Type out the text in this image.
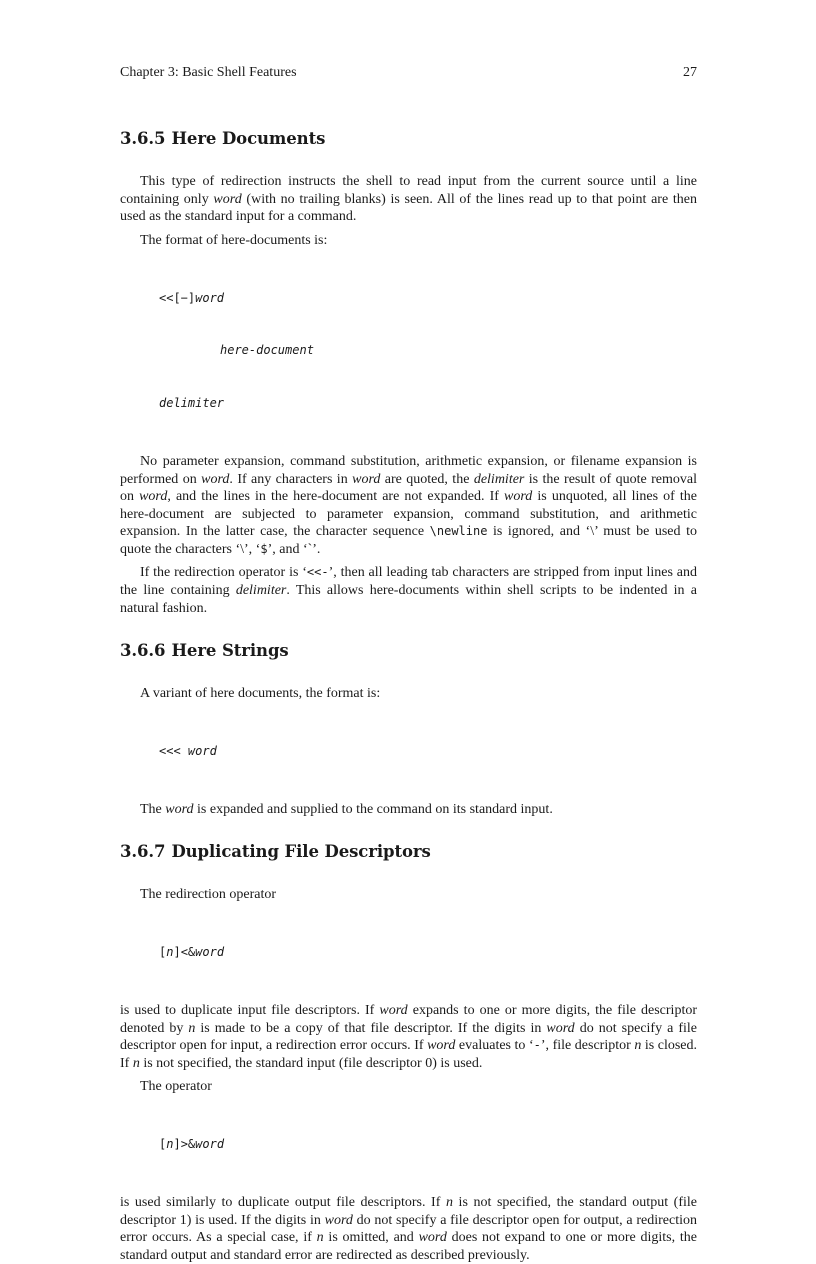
Chapter 3: Basic Shell Features	27
3.6.5 Here Documents

This type of redirection instructs the shell to read input from the current source until a line containing only word (with no trailing blanks) is seen. All of the lines read up to that point are then used as the standard input for a command.

The format of here-documents is:

<<[−]word

here-document

delimiter

No parameter expansion, command substitution, arithmetic expansion, or filename expansion is performed on word. If any characters in word are quoted, the delimiter is the result of quote removal on word, and the lines in the here-document are not expanded. If word is unquoted, all lines of the here-document are subjected to parameter expansion, command substitution, and arithmetic expansion. In the latter case, the character sequence \newline is ignored, and ‘\’ must be used to quote the characters ‘\’, ‘$’, and ‘`’.

If the redirection operator is ‘<<-’, then all leading tab characters are stripped from input lines and the line containing delimiter. This allows here-documents within shell scripts to be indented in a natural fashion.

3.6.6 Here Strings

A variant of here documents, the format is:

<<< word

The word is expanded and supplied to the command on its standard input.

3.6.7 Duplicating File Descriptors

The redirection operator

[n]<&word

is used to duplicate input file descriptors. If word expands to one or more digits, the file descriptor denoted by n is made to be a copy of that file descriptor. If the digits in word do not specify a file descriptor open for input, a redirection error occurs. If word evaluates to ‘-’, file descriptor n is closed. If n is not specified, the standard input (file descriptor 0) is used.

The operator

[n]>&word

is used similarly to duplicate output file descriptors. If n is not specified, the standard output (file descriptor 1) is used. If the digits in word do not specify a file descriptor open for output, a redirection error occurs. As a special case, if n is omitted, and word does not expand to one or more digits, the standard output and standard error are redirected as described previously.
